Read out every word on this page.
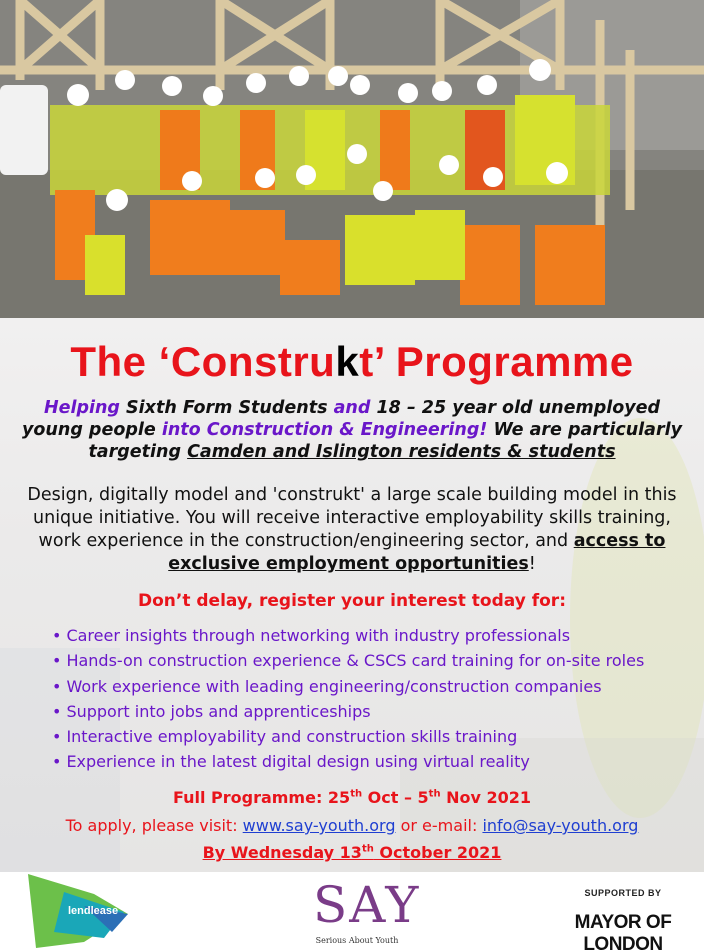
The ‘Construkt’ Programme
Helping Sixth Form Students and 18 – 25 year old unemployed young people into Construction & Engineering! We are particularly targeting Camden and Islington residents & students
Design, digitally model and 'construkt' a large scale building model in this unique initiative. You will receive interactive employability skills training, work experience in the construction/engineering sector, and access to exclusive employment opportunities!
Don’t delay, register your interest today for:
• Career insights through networking with industry professionals
• Hands-on construction experience & CSCS card training for on-site roles
• Work experience with leading engineering/construction companies
• Support into jobs and apprenticeships
• Interactive employability and construction skills training
• Experience in the latest digital design using virtual reality
Full Programme: 25th Oct – 5th Nov 2021
To apply, please visit: www.say-youth.org or e-mail: info@say-youth.org
By Wednesday 13th October 2021
lendlease	SAY
Serious About Youth
SUPPORTED BY
MAYOR OF LONDON
